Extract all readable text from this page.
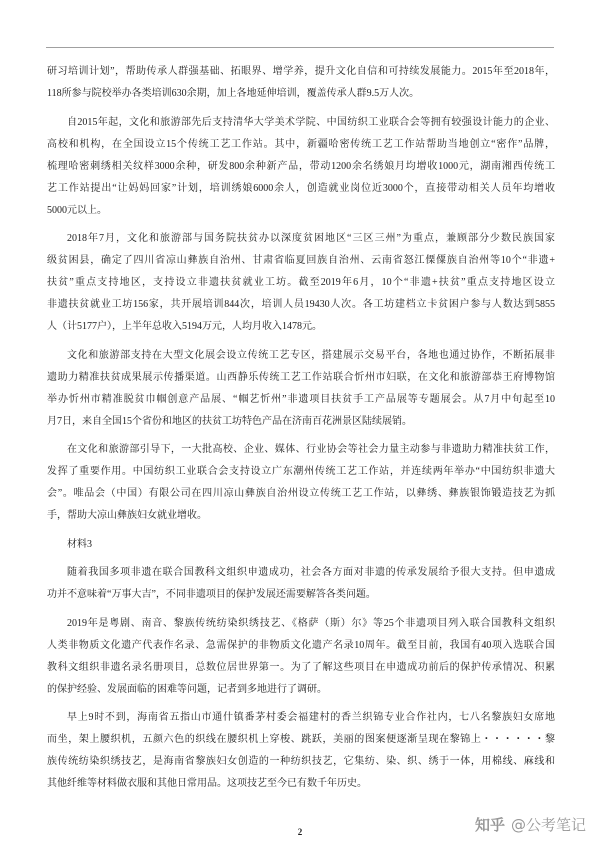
研习培训计划”，帮助传承人群强基础、拓眼界、增学养，提升文化自信和可持续发展能力。2015年至2018年，
118所参与院校举办各类培训630余期，加上各地延伸培训，覆盖传承人群9.5万人次。
自2015年起，文化和旅游部先后支持清华大学美术学院、中国纺织工业联合会等拥有较强设计能力的企业、
高校和机构，在全国设立15个传统工艺工作站。其中，新疆哈密传统工艺工作站帮助当地创立“密作”品牌，
梳理哈密刺绣相关纹样3000余种，研发800余种新产品，带动1200余名绣娘月均增收1000元，湖南湘西传统工
艺工作站提出“让妈妈回家”计划，培训绣娘6000余人，创造就业岗位近3000个，直接带动相关人员年均增收
5000元以上。
2018年7月，文化和旅游部与国务院扶贫办以深度贫困地区“三区三州”为重点，兼顾部分少数民族国家
级贫困县，确定了四川省凉山彝族自治州、甘肃省临夏回族自治州、云南省怒江傈僳族自治州等10个“非遗+
扶贫”重点支持地区，支持设立非遗扶贫就业工坊。截至2019年6月，10个“非遗+扶贫”重点支持地区设立
非遗扶贫就业工坊156家，共开展培训844次，培训人员19430人次。各工坊建档立卡贫困户参与人数达到5855
人（计5177户），上半年总收入5194万元，人均月收入1478元。
文化和旅游部支持在大型文化展会设立传统工艺专区，搭建展示交易平台，各地也通过协作，不断拓展非
遗助力精准扶贫成果展示传播渠道。山西静乐传统工艺工作站联合忻州市妇联，在文化和旅游部恭王府博物馆
举办忻州市精准脱贫巾帼创意产品展、“帼艺忻州”非遗项目扶贫手工产品展等专题展会。从7月中旬起至10
月7日，来自全国15个省份和地区的扶贫工坊特色产品在济南百花洲景区陆续展销。
在文化和旅游部引导下，一大批高校、企业、媒体、行业协会等社会力量主动参与非遗助力精准扶贫工作，
发挥了重要作用。中国纺织工业联合会支持设立广东潮州传统工艺工作站，并连续两年举办“中国纺织非遗大
会”。唯品会（中国）有限公司在四川凉山彝族自治州设立传统工艺工作站，以彝绣、彝族银饰锻造技艺为抓
手，帮助大凉山彝族妇女就业增收。
材料3
随着我国多项非遗在联合国教科文组织申遗成功，社会各方面对非遗的传承发展给予很大支持。但申遗成
功并不意味着“万事大吉”，不同非遗项目的保护发展还需要解答各类问题。
2019年是粤剧、南音、黎族传统纺染织绣技艺、《格萨（斯）尔》等25个非遗项目列入联合国教科文组织
人类非物质文化遗产代表作名录、急需保护的非物质文化遗产名录10周年。截至目前，我国有40项入选联合国
教科文组织非遗名录名册项目，总数位居世界第一。为了了解这些项目在申遗成功前后的保护传承情况、积累
的保护经验、发展面临的困难等问题，记者到多地进行了调研。
早上9时不到，海南省五指山市通什镇番茅村委会福建村的香兰织锦专业合作社内，七八名黎族妇女席地
而坐，架上腰织机，五颜六色的织线在腰织机上穿梭、跳跃，美丽的图案便逐渐呈现在黎锦上・・・・・・黎
族传统纺染织绣技艺，是海南省黎族妇女创造的一种纺织技艺，它集纺、染、织、绣于一体，用棉线、麻线和
其他纤维等材料做衣服和其他日常用品。这项技艺至今已有数千年历史。
2	知乎 @公考笔记
